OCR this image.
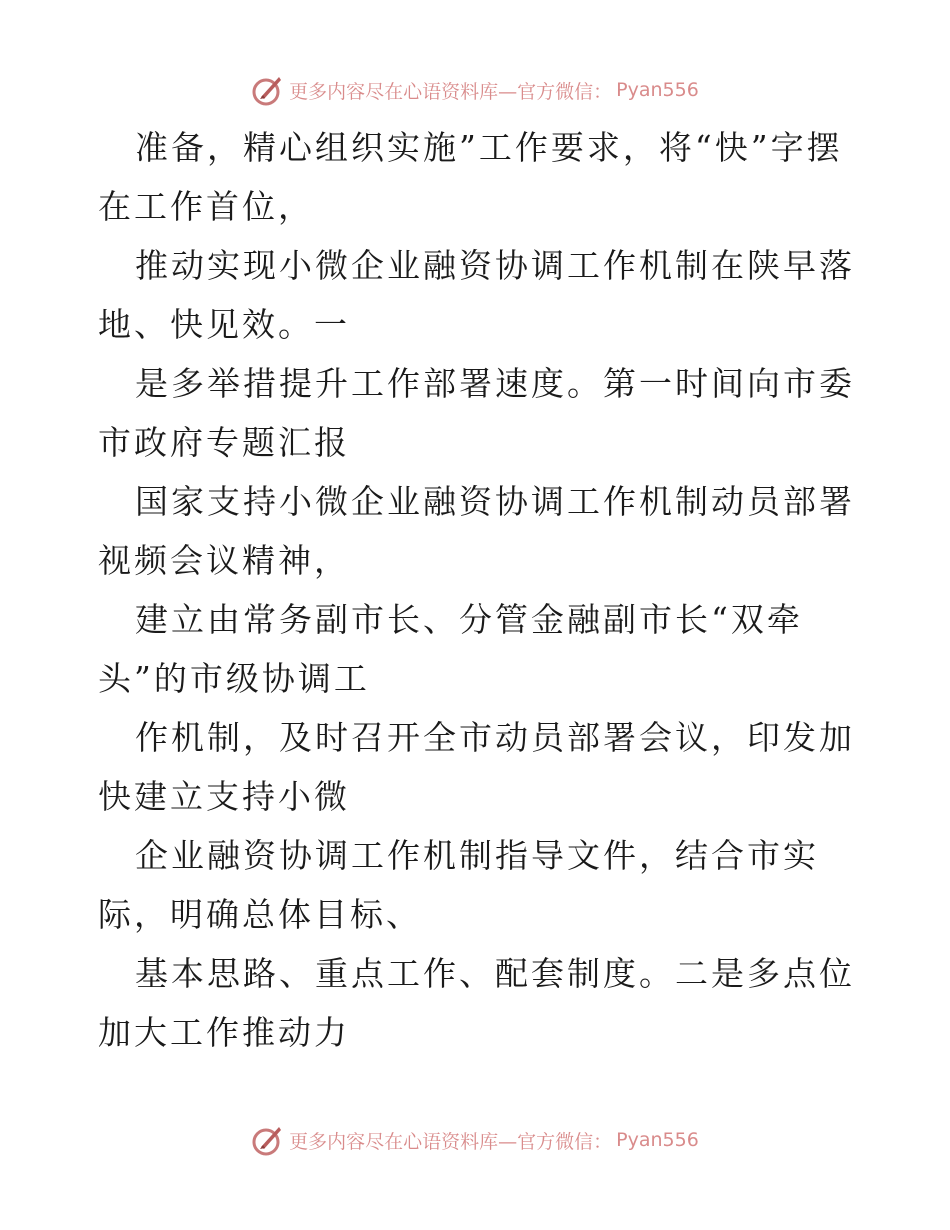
更多内容尽在心语资料库—官方微信： Pyan556

准备，精心组织实施”工作要求，将“快”字摆在工作首位，

推动实现小微企业融资协调工作机制在陕早落地、快见效。一

是多举措提升工作部署速度。第一时间向市委市政府专题汇报

国家支持小微企业融资协调工作机制动员部署视频会议精神，

建立由常务副市长、分管金融副市长“双牵头”的市级协调工

作机制，及时召开全市动员部署会议，印发加快建立支持小微

企业融资协调工作机制指导文件，结合市实际，明确总体目标、

基本思路、重点工作、配套制度。二是多点位加大工作推动力

更多内容尽在心语资料库—官方微信： Pyan556
